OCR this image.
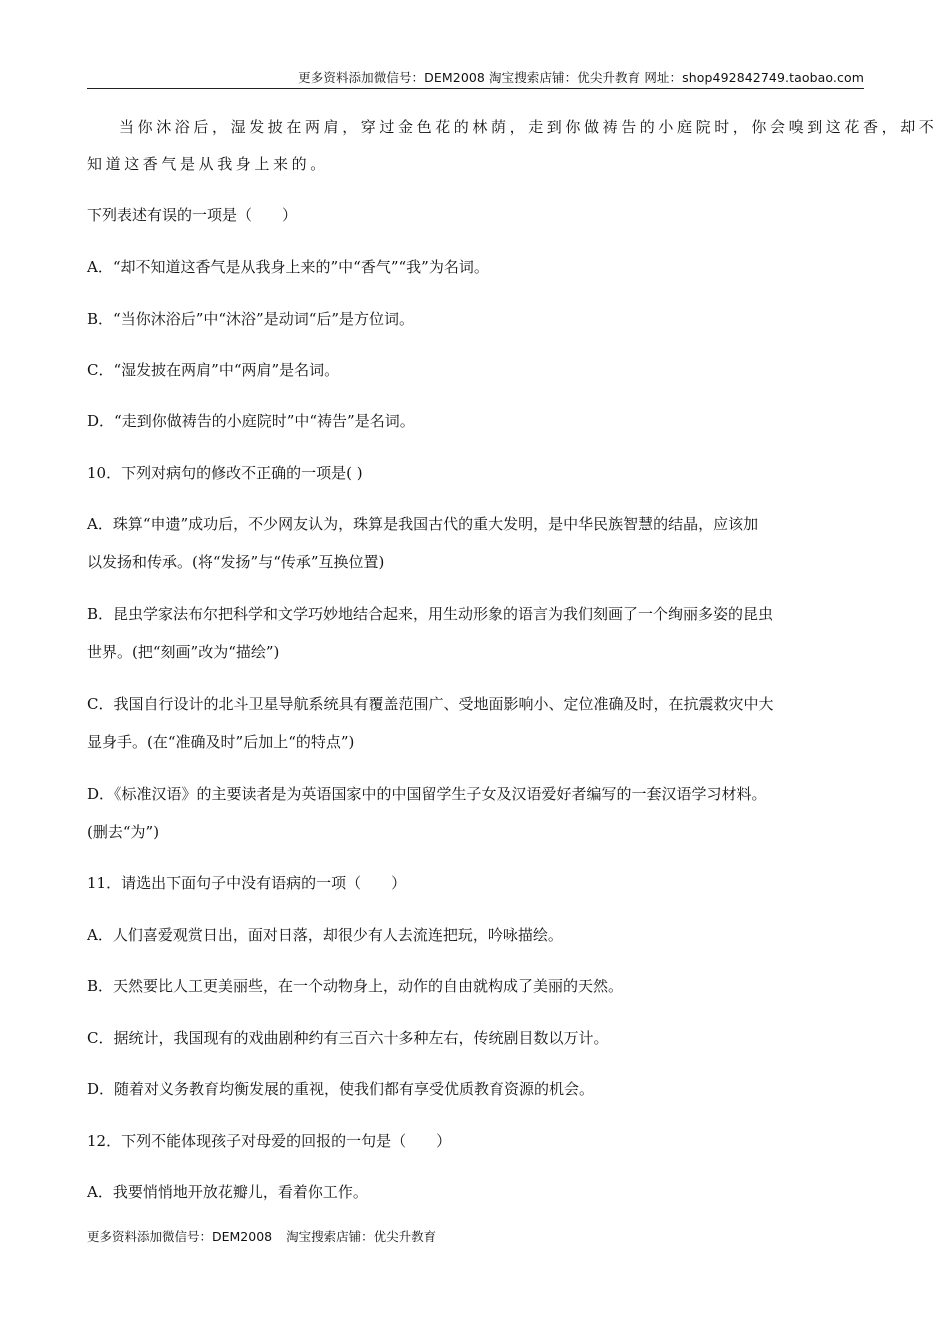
更多资料添加微信号：DEM2008 淘宝搜索店铺：优尖升教育 网址：shop492842749.taobao.com
当你沐浴后，湿发披在两肩，穿过金色花的林荫，走到你做祷告的小庭院时，你会嗅到这花香，却不
知道这香气是从我身上来的。
下列表述有误的一项是（　　）
A．“却不知道这香气是从我身上来的”中“香气”“我”为名词。
B．“当你沐浴后”中“沐浴”是动词“后”是方位词。
C．“湿发披在两肩”中“两肩”是名词。
D．“走到你做祷告的小庭院时”中“祷告”是名词。
10．下列对病句的修改不正确的一项是( )
A．珠算“申遗”成功后，不少网友认为，珠算是我国古代的重大发明，是中华民族智慧的结晶，应该加
以发扬和传承。(将“发扬”与“传承”互换位置)
B．昆虫学家法布尔把科学和文学巧妙地结合起来，用生动形象的语言为我们刻画了一个绚丽多姿的昆虫
世界。(把“刻画”改为“描绘”)
C．我国自行设计的北斗卫星导航系统具有覆盖范围广、受地面影响小、定位准确及时，在抗震救灾中大
显身手。(在“准确及时”后加上“的特点”)
D．《标准汉语》的主要读者是为英语国家中的中国留学生子女及汉语爱好者编写的一套汉语学习材料。
(删去“为”)
11．请选出下面句子中没有语病的一项（　　）
A．人们喜爱观赏日出，面对日落，却很少有人去流连把玩，吟咏描绘。
B．天然要比人工更美丽些，在一个动物身上，动作的自由就构成了美丽的天然。
C．据统计，我国现有的戏曲剧种约有三百六十多种左右，传统剧目数以万计。
D．随着对义务教育均衡发展的重视，使我们都有享受优质教育资源的机会。
12．下列不能体现孩子对母爱的回报的一句是（　　）
A．我要悄悄地开放花瓣儿，看着你工作。
更多资料添加微信号：DEM2008 淘宝搜索店铺：优尖升教育
